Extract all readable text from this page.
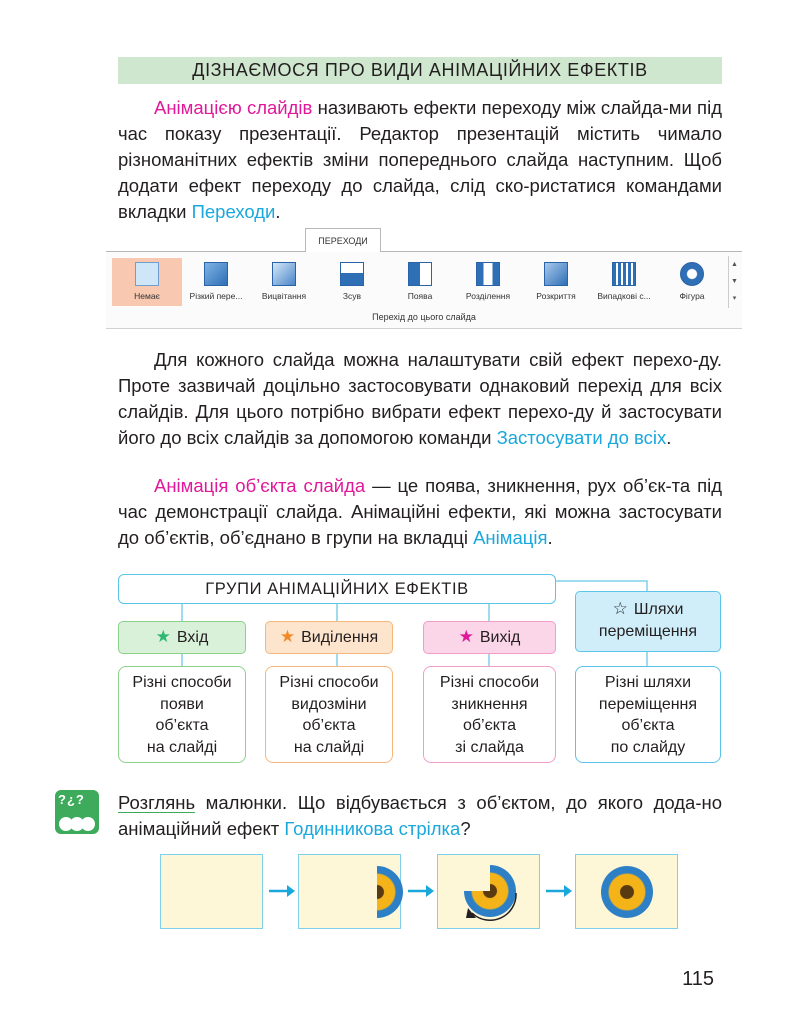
ДІЗНАЄМОСЯ ПРО ВИДИ АНІМАЦІЙНИХ ЕФЕКТІВ

Анімацією слайдів називають ефекти переходу між слайда-ми під час показу презентації. Редактор презентацій містить чимало різноманітних ефектів зміни попереднього слайда наступним. Щоб додати ефект переходу до слайда, слід ско-ристатися командами вкладки Переходи.

ПЕРЕХОДИ
Немає	Різкий пере...	Вицвітання	Зсув	Поява	Розділення	Розкриття	Випадкові с...	Фігура
▲
▼
▾
Перехід до цього слайда

Для кожного слайда можна налаштувати свій ефект перехо-ду. Проте зазвичай доцільно застосовувати однаковий перехід для всіх слайдів. Для цього потрібно вибрати ефект перехо-ду й застосувати його до всіх слайдів за допомогою команди Застосувати до всіх.

Анімація об’єкта слайда — це поява, зникнення, рух об’єк-та під час демонстрації слайда. Анімаційні ефекти, які можна застосувати до об’єктів, об’єднано в групи на вкладці Анімація.

ГРУПИ АНІМАЦІЙНИХ ЕФЕКТІВ
★ Вхід	★ Виділення	★ Вихід
☆ Шляхи
переміщення
Різні способи
появи
об’єкта
на слайді
Різні способи
видозміни
об’єкта
на слайді
Різні способи
зникнення
об’єкта
зі слайда
Різні шляхи
переміщення
об’єкта
по слайду
?¿? Розглянь малюнки. Що відбувається з об’єктом, до якого дода-но анімаційний ефект Годинникова стрілка?

115
